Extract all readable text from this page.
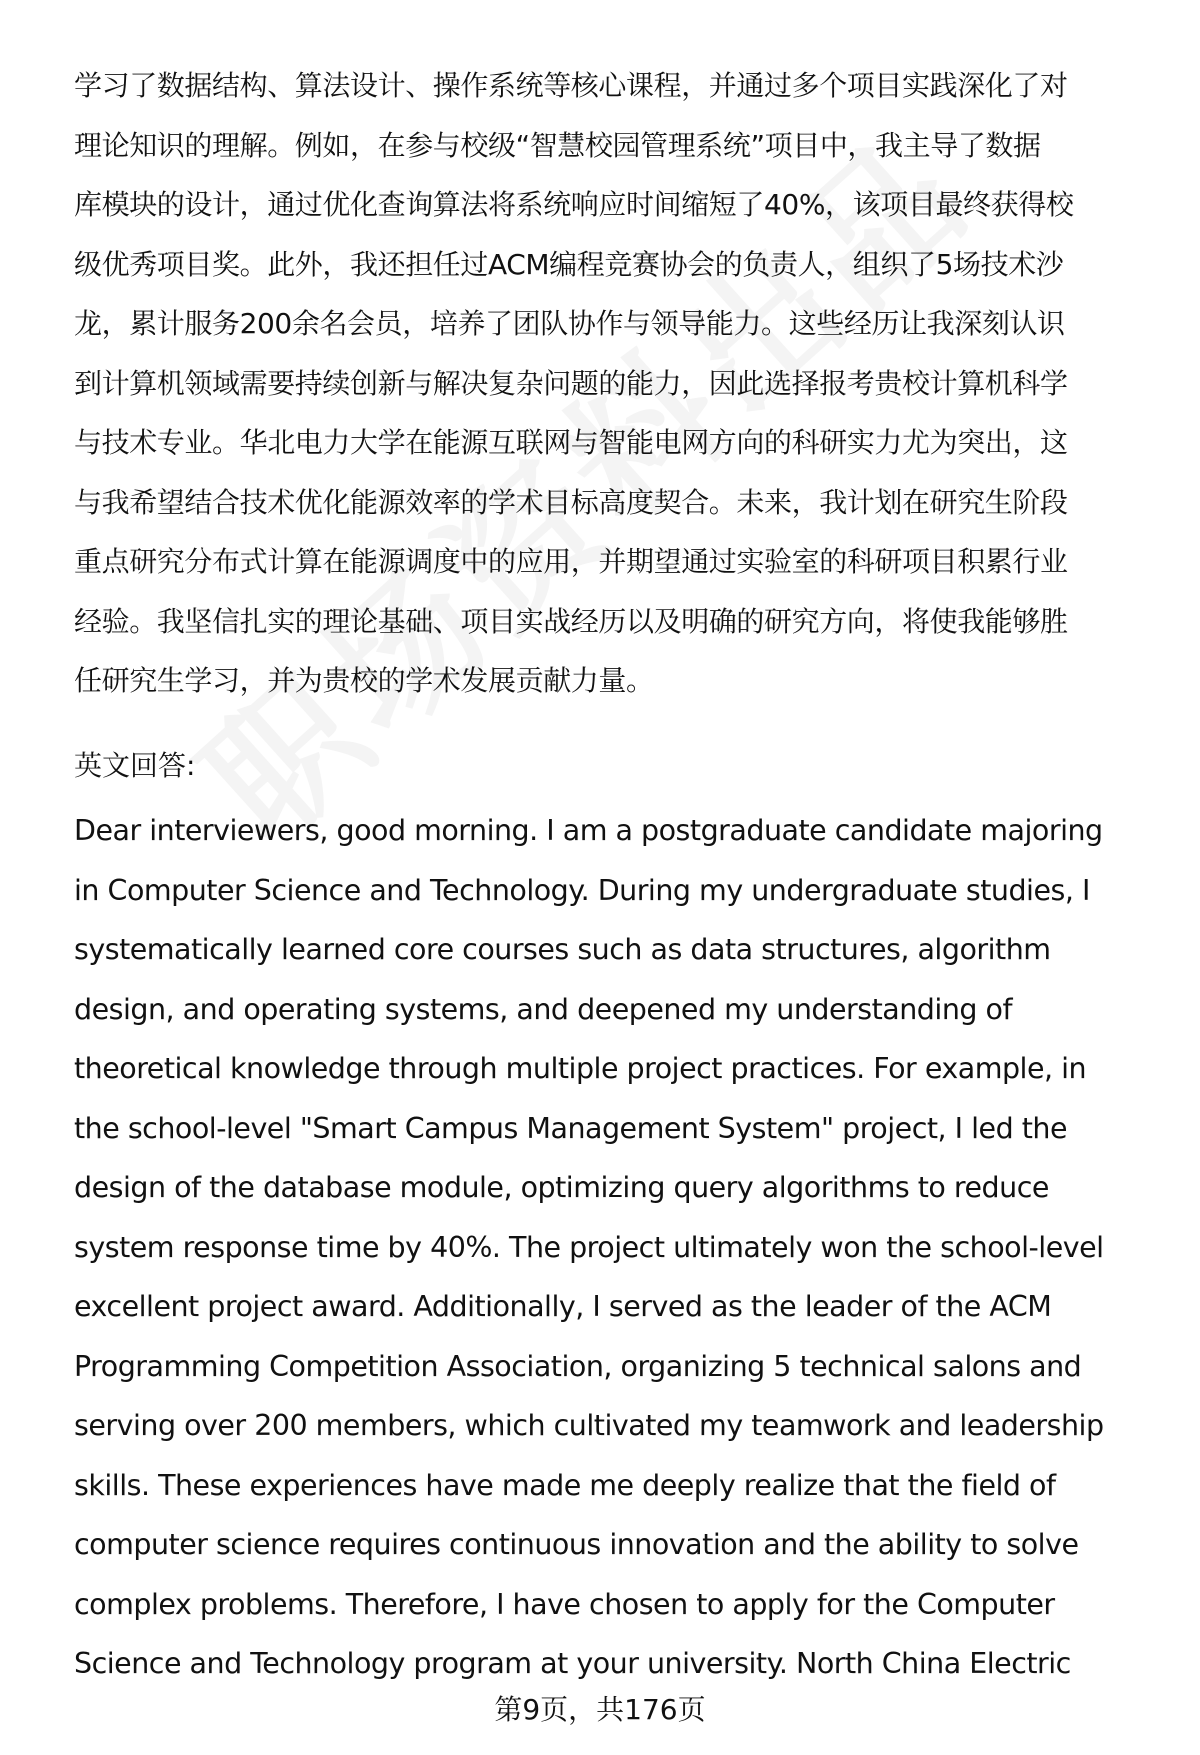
学习了数据结构、算法设计、操作系统等核心课程，并通过多个项目实践深化了对
理论知识的理解。例如，在参与校级“智慧校园管理系统”项目中，我主导了数据
库模块的设计，通过优化查询算法将系统响应时间缩短了40%，该项目最终获得校
级优秀项目奖。此外，我还担任过ACM编程竞赛协会的负责人，组织了5场技术沙
龙，累计服务200余名会员，培养了团队协作与领导能力。这些经历让我深刻认识
到计算机领域需要持续创新与解决复杂问题的能力，因此选择报考贵校计算机科学
与技术专业。华北电力大学在能源互联网与智能电网方向的科研实力尤为突出，这
与我希望结合技术优化能源效率的学术目标高度契合。未来，我计划在研究生阶段
重点研究分布式计算在能源调度中的应用，并期望通过实验室的科研项目积累行业
经验。我坚信扎实的理论基础、项目实战经历以及明确的研究方向，将使我能够胜
任研究生学习，并为贵校的学术发展贡献力量。
英文回答:
Dear interviewers, good morning. I am a postgraduate candidate majoring
in Computer Science and Technology. During my undergraduate studies, I
systematically learned core courses such as data structures, algorithm
design, and operating systems, and deepened my understanding of
theoretical knowledge through multiple project practices. For example, in
the school-level "Smart Campus Management System" project, I led the
design of the database module, optimizing query algorithms to reduce
system response time by 40%. The project ultimately won the school-level
excellent project award. Additionally, I served as the leader of the ACM
Programming Competition Association, organizing 5 technical salons and
serving over 200 members, which cultivated my teamwork and leadership
skills. These experiences have made me deeply realize that the field of
computer science requires continuous innovation and the ability to solve
complex problems. Therefore, I have chosen to apply for the Computer
Science and Technology program at your university. North China Electric
第9页，共176页
